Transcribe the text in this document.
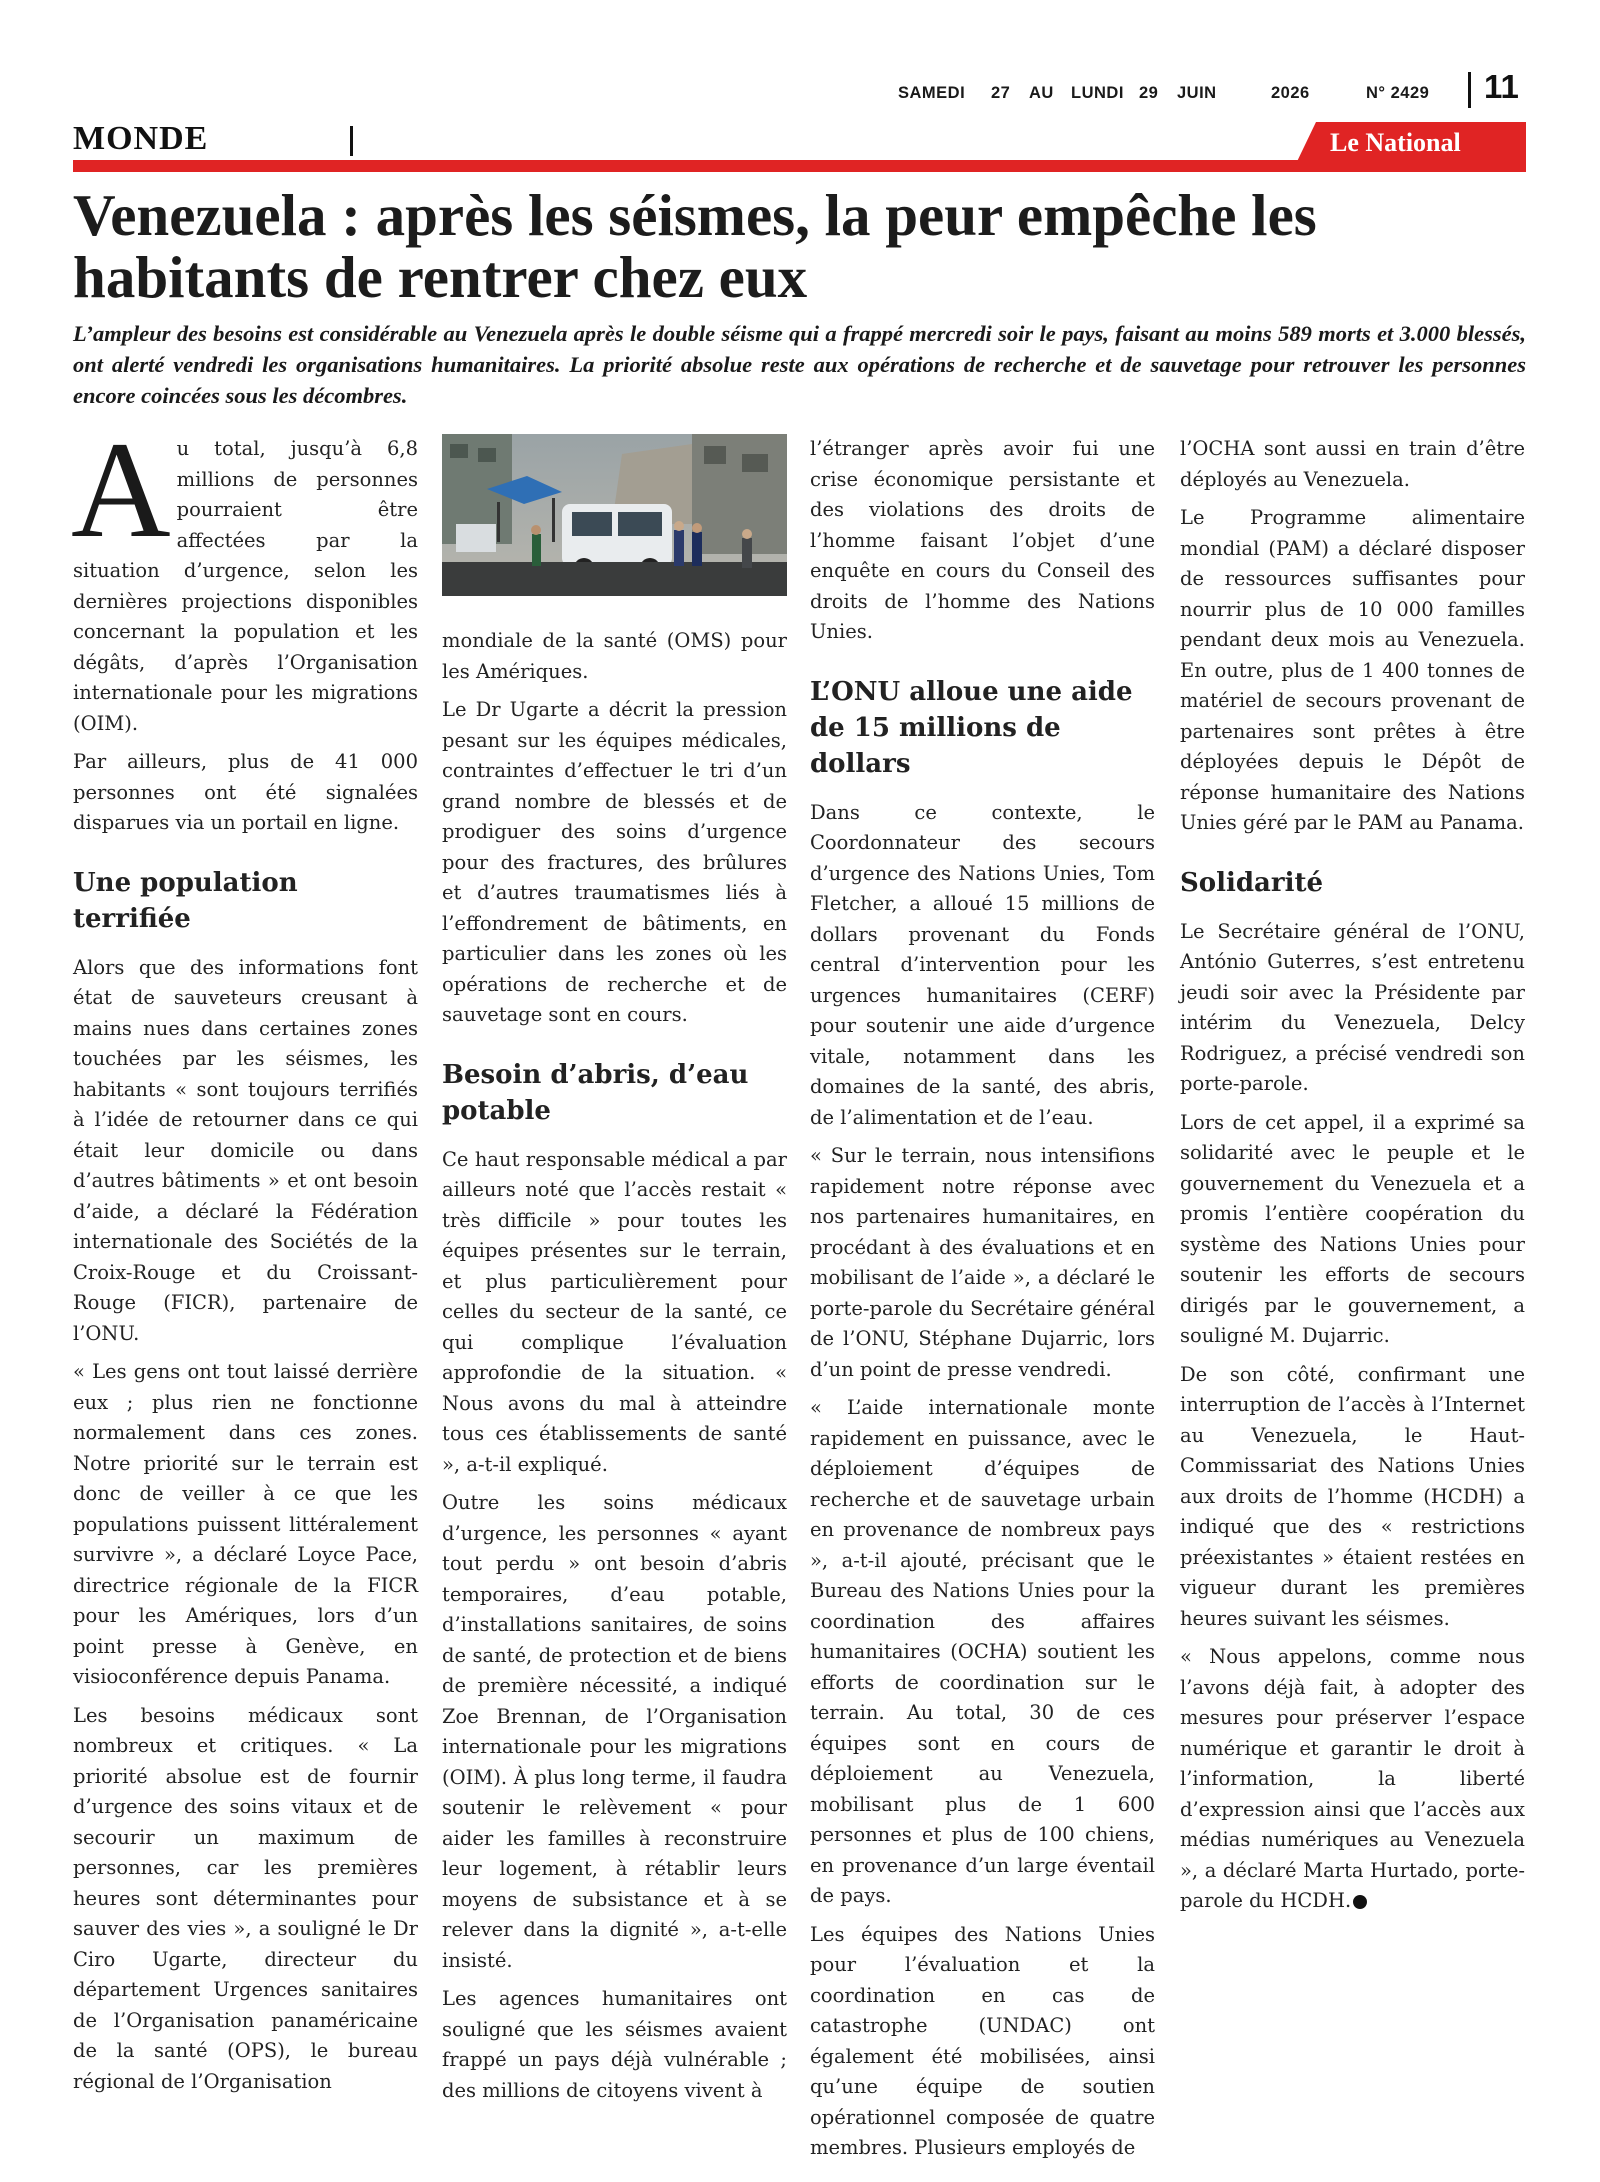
SAMEDI 27 AU LUNDI 29 JUIN	2026	N° 2429 11
MONDE	Le National
Venezuela : après les séismes, la peur empêche les habitants de rentrer chez eux

L’ampleur des besoins est considérable au Venezuela après le double séisme qui a frappé mercredi soir le pays, faisant au moins 589 morts et 3.000 blessés, ont alerté vendredi les organisations humanitaires. La priorité absolue reste aux opérations de recherche et de sauvetage pour retrouver les personnes encore coincées sous les décombres.

Au total, jusqu’à 6,8 millions de personnes pourraient être affectées par la situation d’urgence, selon les dernières projections disponibles concernant la population et les dégâts, d’après l’Organisation internationale pour les migrations (OIM).

Par ailleurs, plus de 41 000 personnes ont été signalées disparues via un portail en ligne.

Une population terrifiée

Alors que des informations font état de sauveteurs creusant à mains nues dans certaines zones touchées par les séismes, les habitants « sont toujours terrifiés à l’idée de retourner dans ce qui était leur domicile ou dans d’autres bâtiments » et ont besoin d’aide, a déclaré la Fédération internationale des Sociétés de la Croix-Rouge et du Croissant-Rouge (FICR), partenaire de l’ONU.

« Les gens ont tout laissé derrière eux ; plus rien ne fonctionne normalement dans ces zones. Notre priorité sur le terrain est donc de veiller à ce que les populations puissent littéralement survivre », a déclaré Loyce Pace, directrice régionale de la FICR pour les Amériques, lors d’un point presse à Genève, en visioconférence depuis Panama.

Les besoins médicaux sont nombreux et critiques. « La priorité absolue est de fournir d’urgence des soins vitaux et de secourir un maximum de personnes, car les premières heures sont déterminantes pour sauver des vies », a souligné le Dr Ciro Ugarte, directeur du département Urgences sanitaires de l’Organisation panaméricaine de la santé (OPS), le bureau régional de l’Organisation

mondiale de la santé (OMS) pour les Amériques.

Le Dr Ugarte a décrit la pression pesant sur les équipes médicales, contraintes d’effectuer le tri d’un grand nombre de blessés et de prodiguer des soins d’urgence pour des fractures, des brûlures et d’autres traumatismes liés à l’effondrement de bâtiments, en particulier dans les zones où les opérations de recherche et de sauvetage sont en cours.

Besoin d’abris, d’eau potable

Ce haut responsable médical a par ailleurs noté que l’accès restait « très difficile » pour toutes les équipes présentes sur le terrain, et plus particulièrement pour celles du secteur de la santé, ce qui complique l’évaluation approfondie de la situation. « Nous avons du mal à atteindre tous ces établissements de santé », a-t-il expliqué.

Outre les soins médicaux d’urgence, les personnes « ayant tout perdu » ont besoin d’abris temporaires, d’eau potable, d’installations sanitaires, de soins de santé, de protection et de biens de première nécessité, a indiqué Zoe Brennan, de l’Organisation internationale pour les migrations (OIM). À plus long terme, il faudra soutenir le relèvement « pour aider les familles à reconstruire leur logement, à rétablir leurs moyens de subsistance et à se relever dans la dignité », a-t-elle insisté.

Les agences humanitaires ont souligné que les séismes avaient frappé un pays déjà vulnérable ; des millions de citoyens vivent à

l’étranger après avoir fui une crise économique persistante et des violations des droits de l’homme faisant l’objet d’une enquête en cours du Conseil des droits de l’homme des Nations Unies.

L’ONU alloue une aide de 15 millions de dollars

Dans ce contexte, le Coordonnateur des secours d’urgence des Nations Unies, Tom Fletcher, a alloué 15 millions de dollars provenant du Fonds central d’intervention pour les urgences humanitaires (CERF) pour soutenir une aide d’urgence vitale, notamment dans les domaines de la santé, des abris, de l’alimentation et de l’eau.

« Sur le terrain, nous intensifions rapidement notre réponse avec nos partenaires humanitaires, en procédant à des évaluations et en mobilisant de l’aide », a déclaré le porte-parole du Secrétaire général de l’ONU, Stéphane Dujarric, lors d’un point de presse vendredi.

« L’aide internationale monte rapidement en puissance, avec le déploiement d’équipes de recherche et de sauvetage urbain en provenance de nombreux pays », a-t-il ajouté, précisant que le Bureau des Nations Unies pour la coordination des affaires humanitaires (OCHA) soutient les efforts de coordination sur le terrain. Au total, 30 de ces équipes sont en cours de déploiement au Venezuela, mobilisant plus de 1 600 personnes et plus de 100 chiens, en provenance d’un large éventail de pays.

Les équipes des Nations Unies pour l’évaluation et la coordination en cas de catastrophe (UNDAC) ont également été mobilisées, ainsi qu’une équipe de soutien opérationnel composée de quatre membres. Plusieurs employés de

l’OCHA sont aussi en train d’être déployés au Venezuela.

Le Programme alimentaire mondial (PAM) a déclaré disposer de ressources suffisantes pour nourrir plus de 10 000 familles pendant deux mois au Venezuela. En outre, plus de 1 400 tonnes de matériel de secours provenant de partenaires sont prêtes à être déployées depuis le Dépôt de réponse humanitaire des Nations Unies géré par le PAM au Panama.

Solidarité

Le Secrétaire général de l’ONU, António Guterres, s’est entretenu jeudi soir avec la Présidente par intérim du Venezuela, Delcy Rodriguez, a précisé vendredi son porte-parole.

Lors de cet appel, il a exprimé sa solidarité avec le peuple et le gouvernement du Venezuela et a promis l’entière coopération du système des Nations Unies pour soutenir les efforts de secours dirigés par le gouvernement, a souligné M. Dujarric.

De son côté, confirmant une interruption de l’accès à l’Internet au Venezuela, le Haut-Commissariat des Nations Unies aux droits de l’homme (HCDH) a indiqué que des « restrictions préexistantes » étaient restées en vigueur durant les premières heures suivant les séismes.

« Nous appelons, comme nous l’avons déjà fait, à adopter des mesures pour préserver l’espace numérique et garantir le droit à l’information, la liberté d’expression ainsi que l’accès aux médias numériques au Venezuela », a déclaré Marta Hurtado, porte-parole du HCDH.
